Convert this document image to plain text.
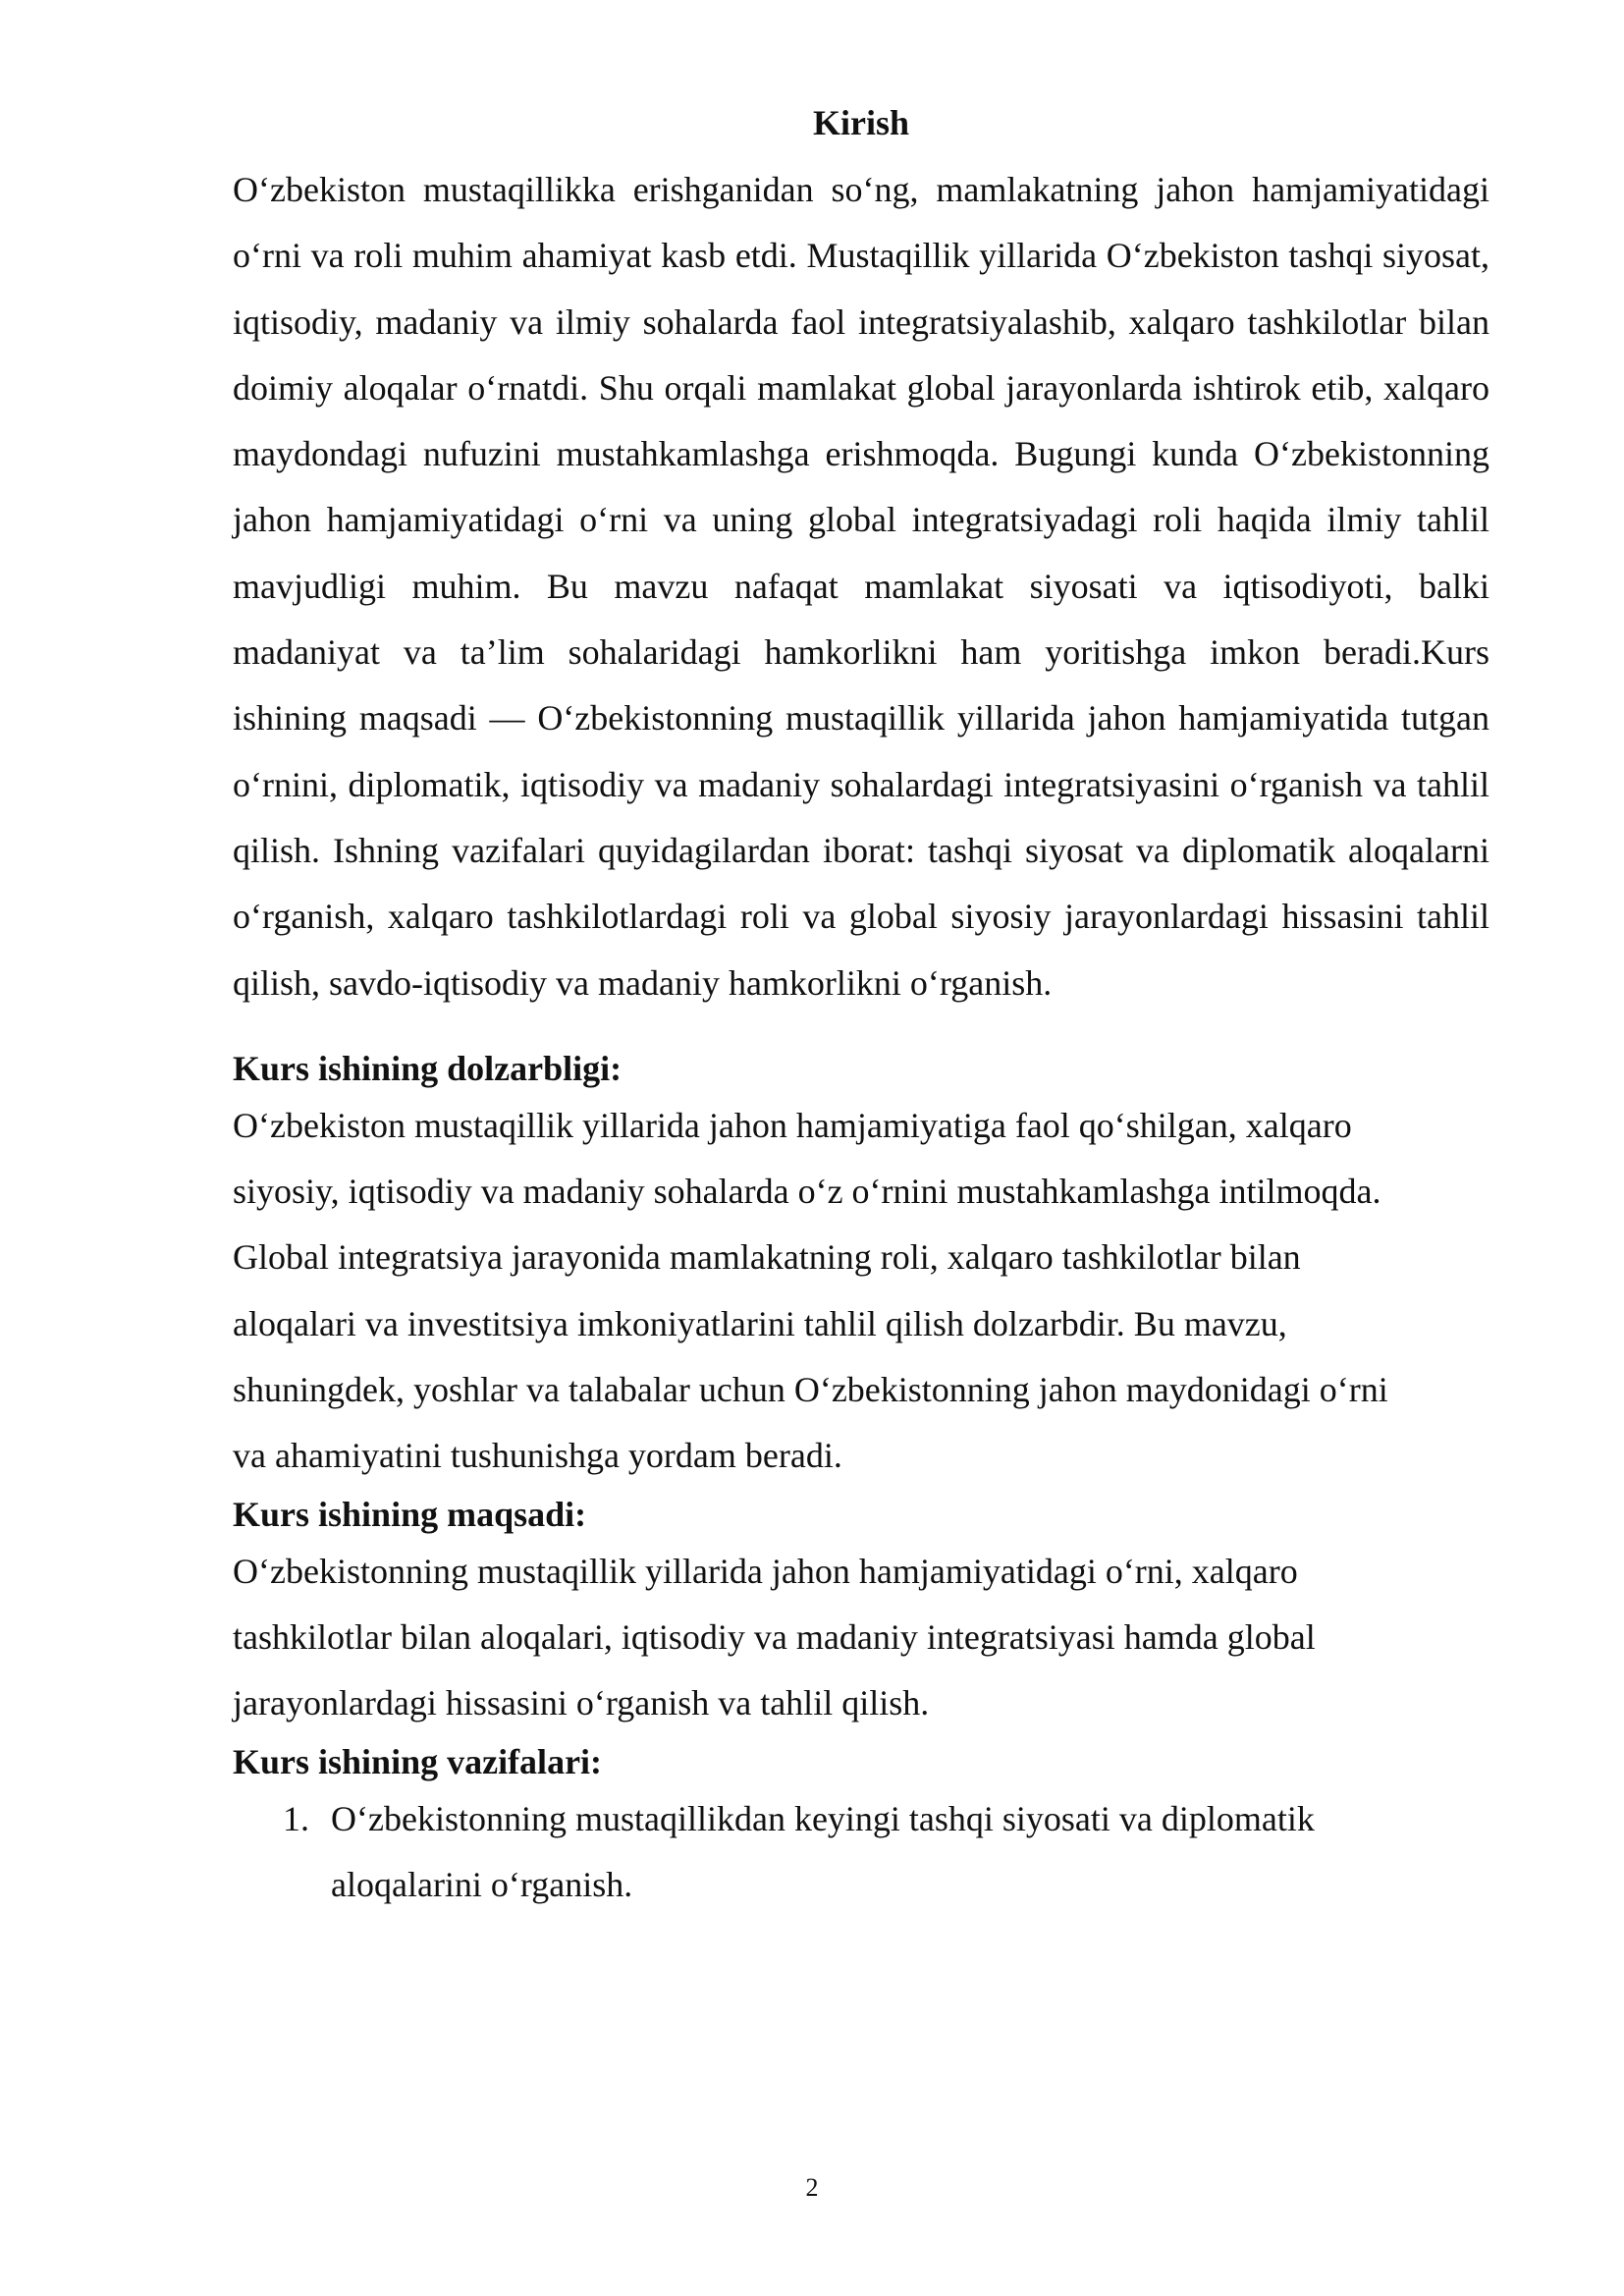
Kirish

O‘zbekiston mustaqillikka erishganidan so‘ng, mamlakatning jahon hamjamiyatidagi o‘rni va roli muhim ahamiyat kasb etdi. Mustaqillik yillarida O‘zbekiston tashqi siyosat, iqtisodiy, madaniy va ilmiy sohalarda faol integratsiyalashib, xalqaro tashkilotlar bilan doimiy aloqalar o‘rnatdi. Shu orqali mamlakat global jarayonlarda ishtirok etib, xalqaro maydondagi nufuzini mustahkamlashga erishmoqda. Bugungi kunda O‘zbekistonning jahon hamjamiyatidagi o‘rni va uning global integratsiyadagi roli haqida ilmiy tahlil mavjudligi muhim. Bu mavzu nafaqat mamlakat siyosati va iqtisodiyoti, balki madaniyat va ta’lim sohalaridagi hamkorlikni ham yoritishga imkon beradi.Kurs ishining maqsadi — O‘zbekistonning mustaqillik yillarida jahon hamjamiyatida tutgan o‘rnini, diplomatik, iqtisodiy va madaniy sohalardagi integratsiyasini o‘rganish va tahlil qilish. Ishning vazifalari quyidagilardan iborat: tashqi siyosat va diplomatik aloqalarni o‘rganish, xalqaro tashkilotlardagi roli va global siyosiy jarayonlardagi hissasini tahlil qilish, savdo-iqtisodiy va madaniy hamkorlikni o‘rganish.

Kurs ishining dolzarbligi:
O‘zbekiston mustaqillik yillarida jahon hamjamiyatiga faol qo‘shilgan, xalqaro
siyosiy, iqtisodiy va madaniy sohalarda o‘z o‘rnini mustahkamlashga intilmoqda.
Global integratsiya jarayonida mamlakatning roli, xalqaro tashkilotlar bilan
aloqalari va investitsiya imkoniyatlarini tahlil qilish dolzarbdir. Bu mavzu,
shuningdek, yoshlar va talabalar uchun O‘zbekistonning jahon maydonidagi o‘rni
va ahamiyatini tushunishga yordam beradi.
Kurs ishining maqsadi:
O‘zbekistonning mustaqillik yillarida jahon hamjamiyatidagi o‘rni, xalqaro
tashkilotlar bilan aloqalari, iqtisodiy va madaniy integratsiyasi hamda global
jarayonlardagi hissasini o‘rganish va tahlil qilish.
Kurs ishining vazifalari:
1. O‘zbekistonning mustaqillikdan keyingi tashqi siyosati va diplomatik
aloqalarini o‘rganish.
2
